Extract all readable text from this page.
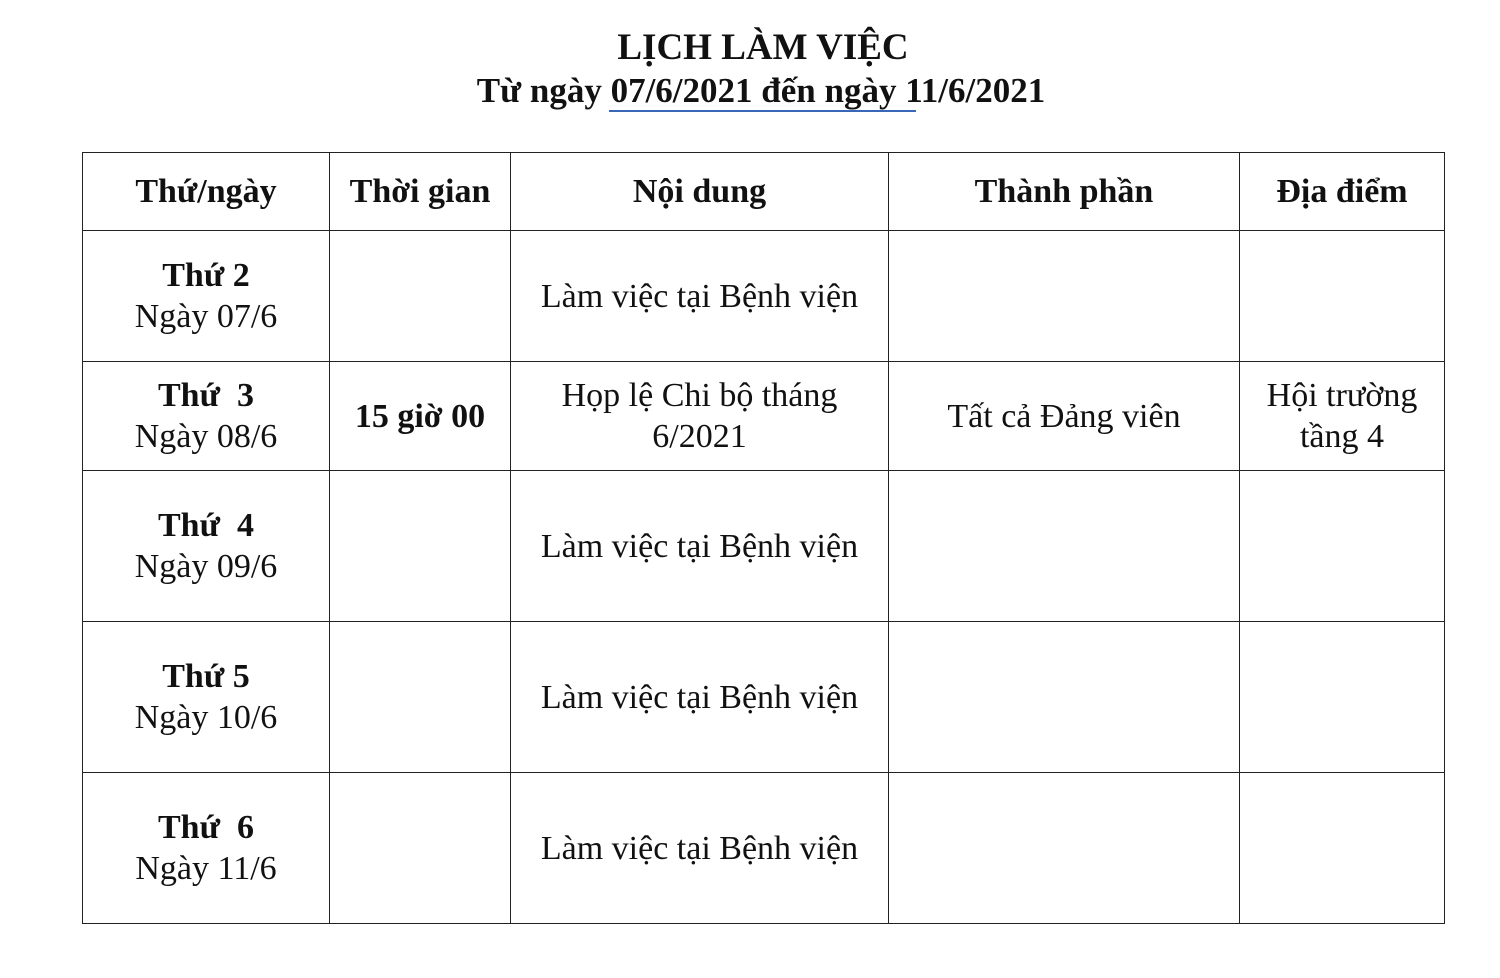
LỊCH LÀM VIỆC
Từ ngày 07/6/2021 đến ngày 11/6/2021
Thứ/ngày	Thời gian	Nội dung	Thành phần	Địa điểm

Thứ 2
Ngày 07/6		Làm việc tại Bệnh viện		

Thứ  3
Ngày 08/6	15 giờ 00	Họp lệ Chi bộ tháng 6/2021	Tất cả Đảng viên	Hội trường tầng 4

Thứ  4
Ngày 09/6		Làm việc tại Bệnh viện		

Thứ 5
Ngày 10/6		Làm việc tại Bệnh viện		

Thứ  6
Ngày 11/6		Làm việc tại Bệnh viện		
